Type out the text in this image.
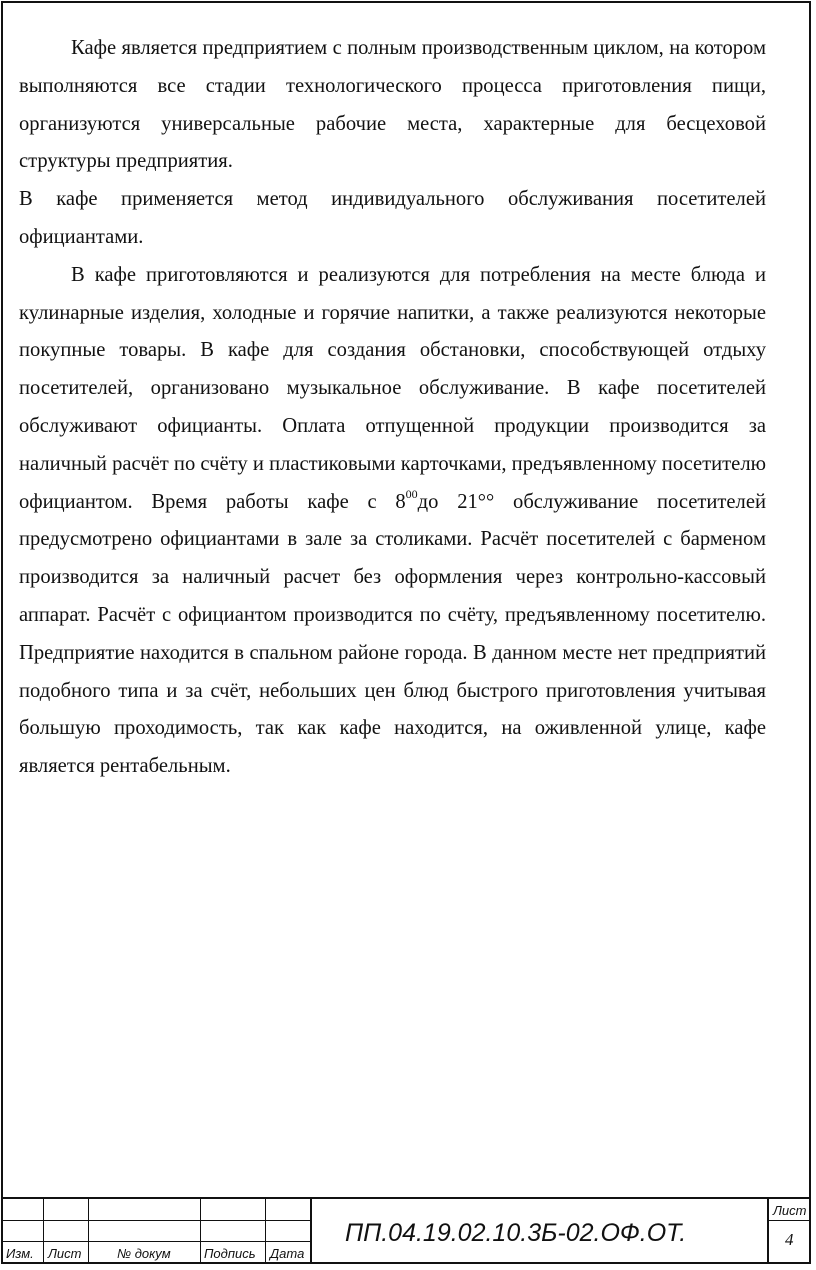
Кафе является предприятием с полным производственным циклом, на котором выполняются все стадии технологического процесса приготовления пищи, организуются универсальные рабочие места, характерные для бесцеховой структуры предприятия.

В кафе применяется метод индивидуального обслуживания посетителей официантами.

В кафе приготовляются и реализуются для потребления на месте блюда и кулинарные изделия, холодные и горячие напитки, а также реализуются некоторые покупные товары. В кафе для создания обстановки, способствующей отдыху посетителей, организовано музыкальное обслуживание. В кафе посетителей обслуживают официанты. Оплата отпущенной продукции производится за наличный расчёт по счёту и пластиковыми карточками, предъявленному посетителю официантом. Время работы кафе с $8^{00}до$ 21°° обслуживание посетителей предусмотрено официантами в зале за столиками. Расчёт посетителей с барменом производится за наличный расчет без оформления через контрольно-кассовый аппарат. Расчёт с официантом производится по счёту, предъявленному посетителю. Предприятие находится в спальном районе города. В данном месте нет предприятий подобного типа и за счёт, небольших цен блюд быстрого приготовления учитывая большую проходимость, так как кафе находится, на оживленной улице, кафе является рентабельным.

Изм. Лист	№ докум	Подпись Дата
ПП.04.19.02.10.3Б-02.ОФ.ОТ.
Лист
4
